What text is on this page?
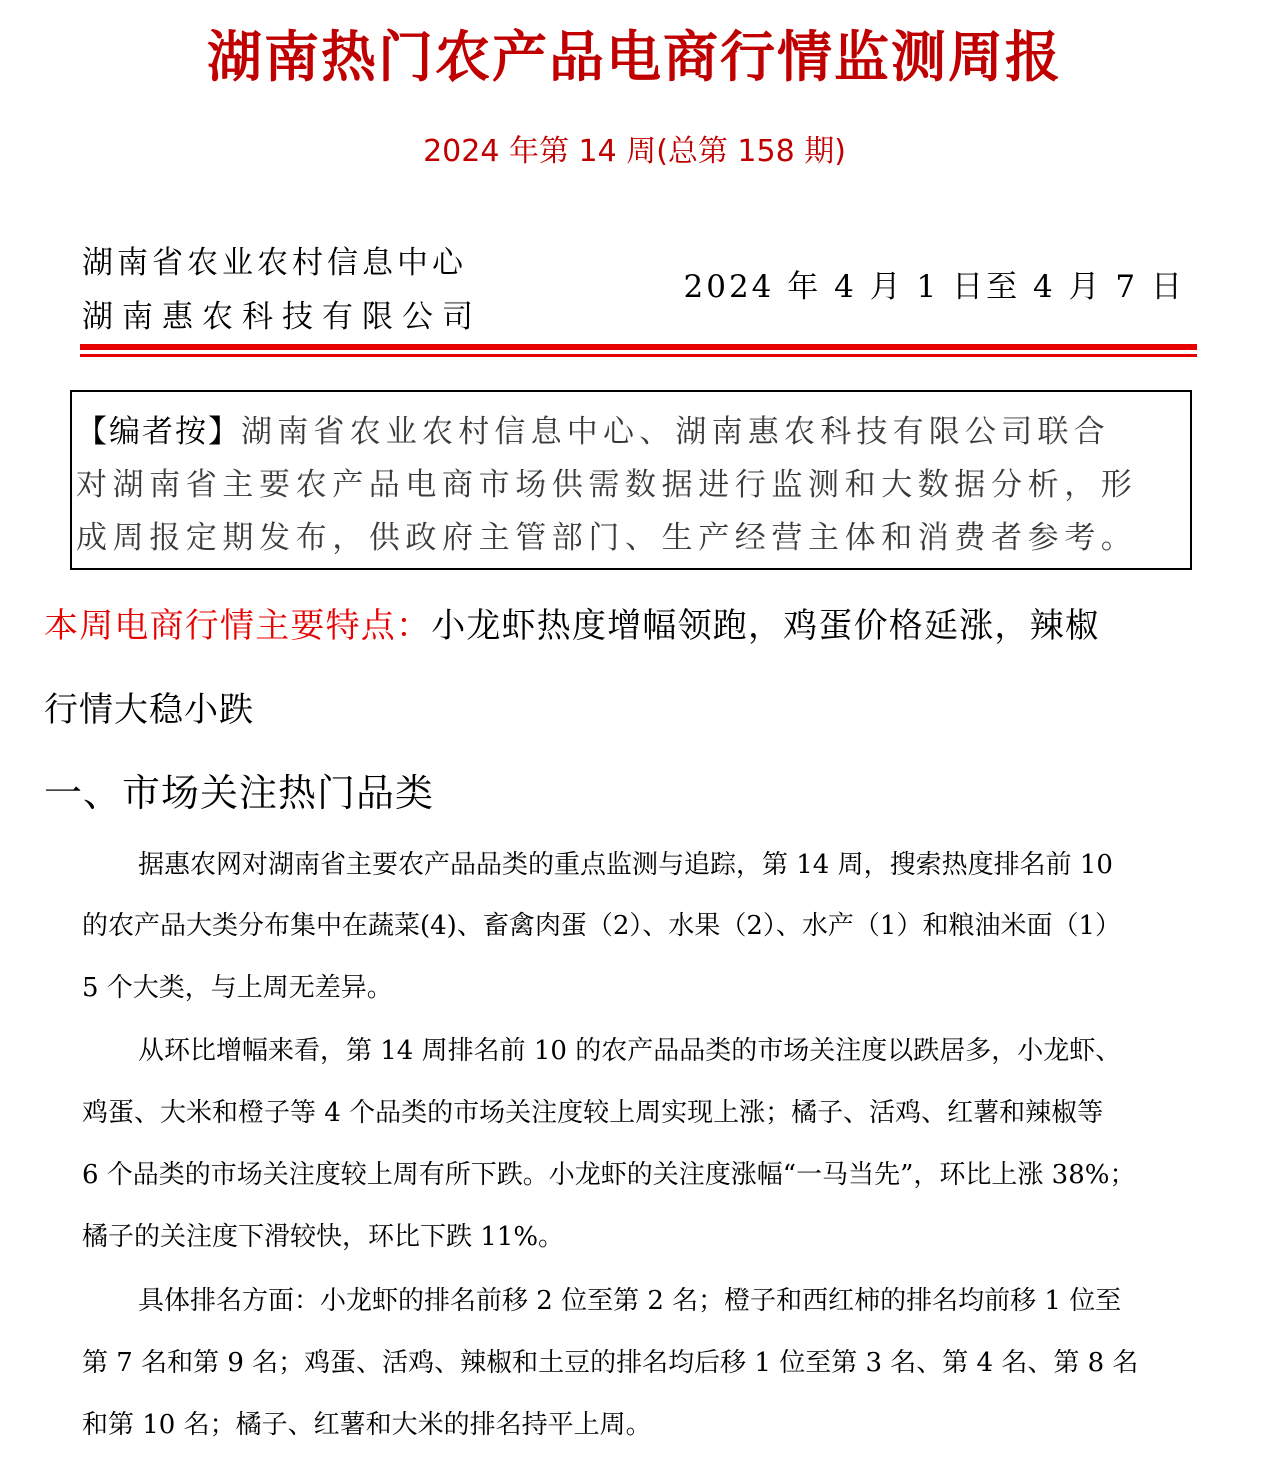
湖南热门农产品电商行情监测周报
2024 年第 14 周(总第 158 期)
湖南省农业农村信息中心
湖南惠农科技有限公司
2024 年 4 月 1 日至 4 月 7 日
【编者按】湖南省农业农村信息中心、湖南惠农科技有限公司联合
对湖南省主要农产品电商市场供需数据进行监测和大数据分析，形
成周报定期发布，供政府主管部门、生产经营主体和消费者参考。
本周电商行情主要特点：小龙虾热度增幅领跑，鸡蛋价格延涨，辣椒
行情大稳小跌
一、市场关注热门品类
据惠农网对湖南省主要农产品品类的重点监测与追踪，第 14 周，搜索热度排名前 10
的农产品大类分布集中在蔬菜(4)、畜禽肉蛋（2）、水果（2）、水产（1）和粮油米面（1）
5 个大类，与上周无差异。
从环比增幅来看，第 14 周排名前 10 的农产品品类的市场关注度以跌居多，小龙虾、
鸡蛋、大米和橙子等 4 个品类的市场关注度较上周实现上涨；橘子、活鸡、红薯和辣椒等
6 个品类的市场关注度较上周有所下跌。小龙虾的关注度涨幅“一马当先”，环比上涨 38%；
橘子的关注度下滑较快，环比下跌 11%。
具体排名方面：小龙虾的排名前移 2 位至第 2 名；橙子和西红柿的排名均前移 1 位至
第 7 名和第 9 名；鸡蛋、活鸡、辣椒和土豆的排名均后移 1 位至第 3 名、第 4 名、第 8 名
和第 10 名；橘子、红薯和大米的排名持平上周。
